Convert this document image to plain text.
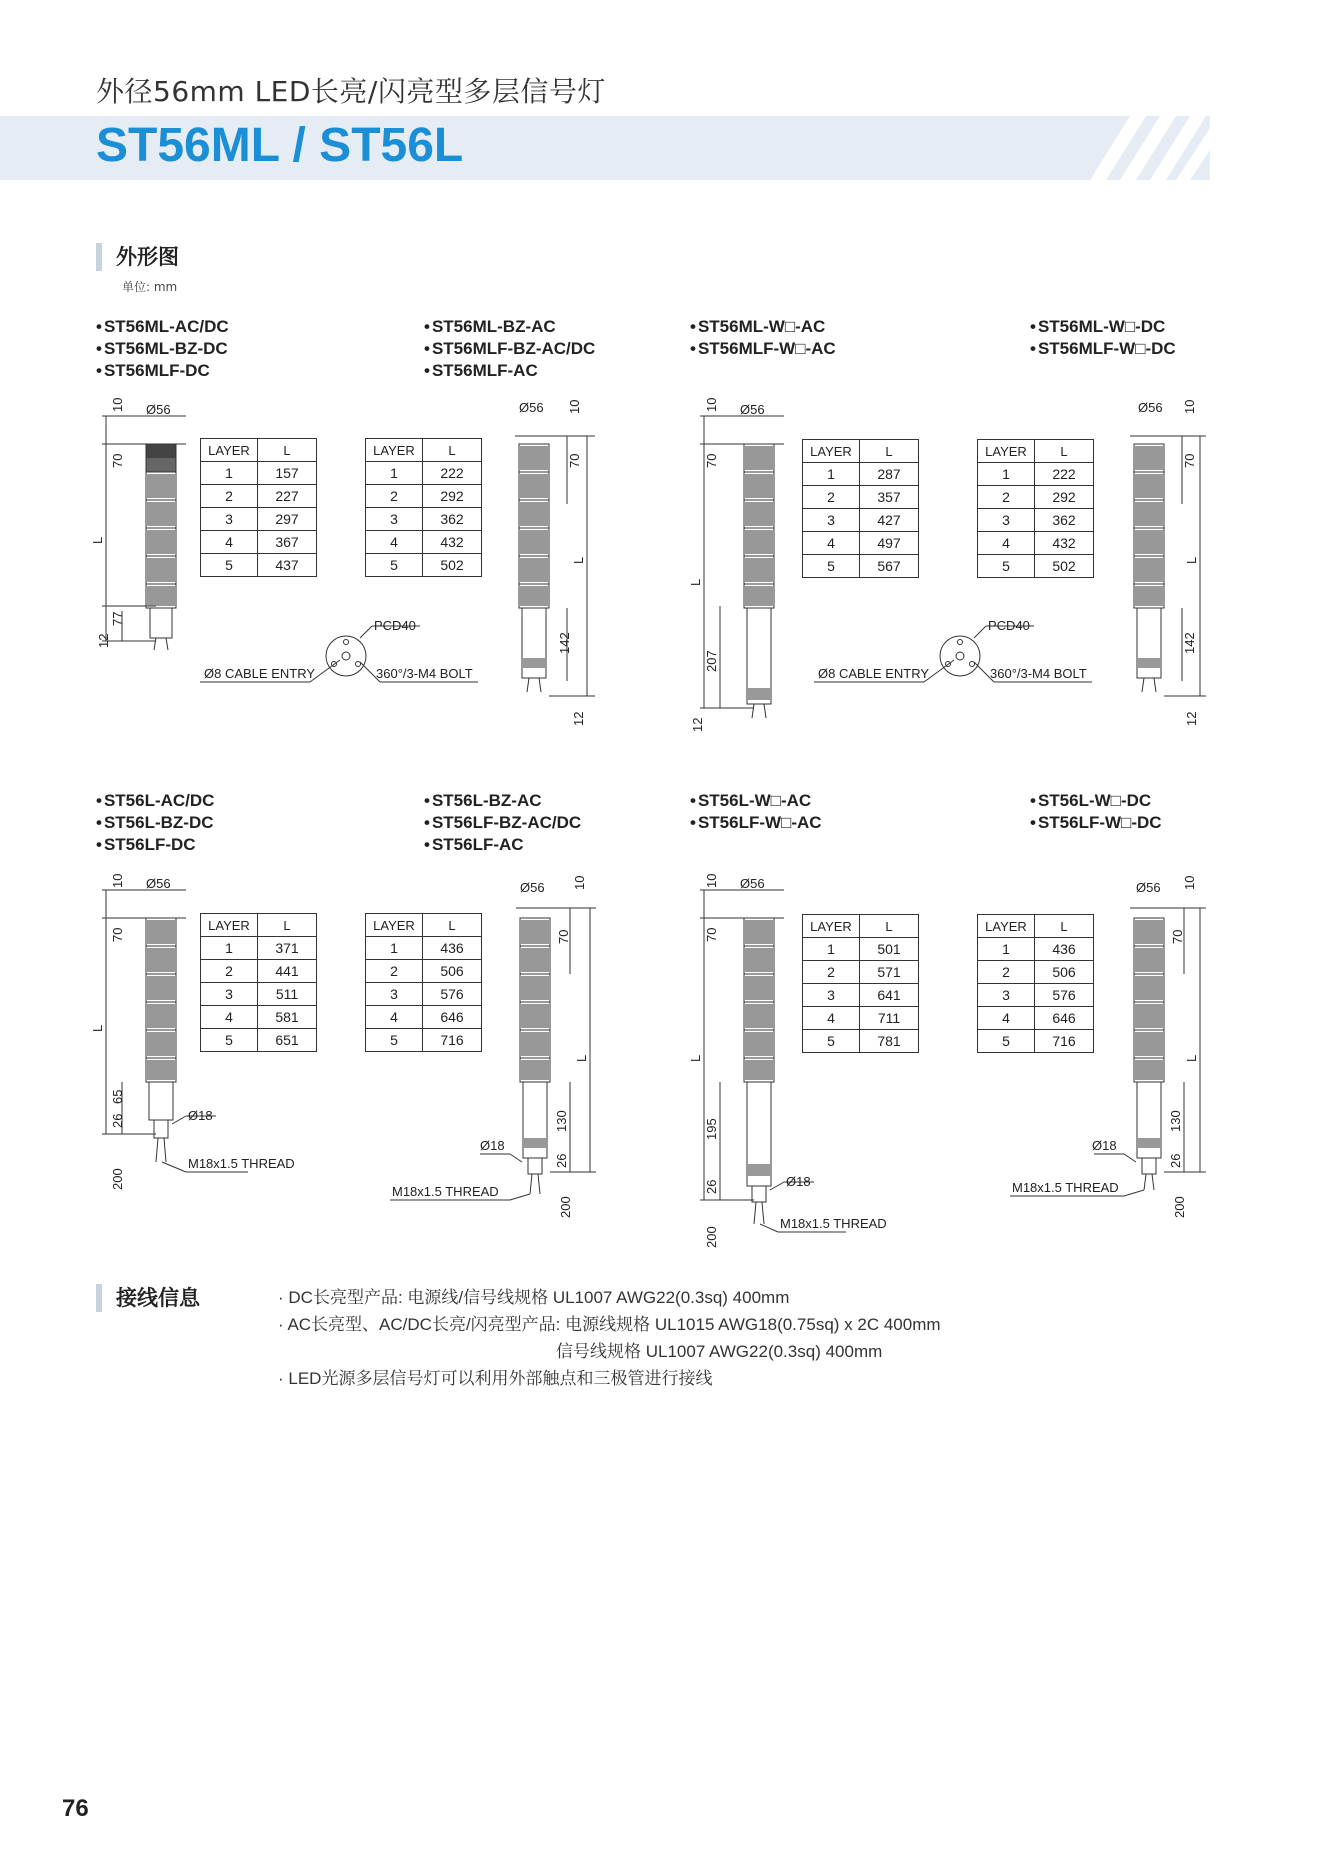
外径56mm LED长亮/闪亮型多层信号灯
ST56ML / ST56L
外形图
单位: mm
• ST56ML-AC/DC
• ST56ML-BZ-DC
• ST56MLF-DC
• ST56ML-BZ-AC
• ST56MLF-BZ-AC/DC
• ST56MLF-AC
• ST56ML-W□-AC
• ST56MLF-W□-AC
• ST56ML-W□-DC
• ST56MLF-W□-DC
• ST56L-AC/DC
• ST56L-BZ-DC
• ST56LF-DC
• ST56L-BZ-AC
• ST56LF-BZ-AC/DC
• ST56LF-AC
• ST56L-W□-AC
• ST56LF-W□-AC
• ST56L-W□-DC
• ST56LF-W□-DC
LAYER	L
1	157
2	227
3	297
4	367
5	437
LAYER	L
1	222
2	292
3	362
4	432
5	502
LAYER	L
1	287
2	357
3	427
4	497
5	567
LAYER	L
1	222
2	292
3	362
4	432
5	502
LAYER	L
1	371
2	441
3	511
4	581
5	651
LAYER	L
1	436
2	506
3	576
4	646
5	716
LAYER	L
1	501
2	571
3	641
4	711
5	781
LAYER	L
1	436
2	506
3	576
4	646
5	716
Ø56
10
70
L
77
12
Ø56 10
70
L
142
12
PCD40
Ø8 CABLE ENTRY	360°/3-M4 BOLT
Ø56
10
70
L
207
12
PCD40
Ø8 CABLE ENTRY	360°/3-M4 BOLT
Ø56 10
70
L
142
12
Ø56
10
70
L
65
26
200
Ø18
M18x1.5 THREAD
Ø56 10
70
L
130
26
200
Ø18
M18x1.5 THREAD
Ø56
10
70
L
195
26
200
Ø18
M18x1.5 THREAD
Ø56 10
70
L
130
26
200
Ø18
M18x1.5 THREAD
接线信息	· DC长亮型产品: 电源线/信号线规格 UL1007 AWG22(0.3sq) 400mm
· AC长亮型、AC/DC长亮/闪亮型产品: 电源线规格 UL1015 AWG18(0.75sq) x 2C 400mm
信号线规格 UL1007 AWG22(0.3sq) 400mm
· LED光源多层信号灯可以利用外部触点和三极管进行接线
76
